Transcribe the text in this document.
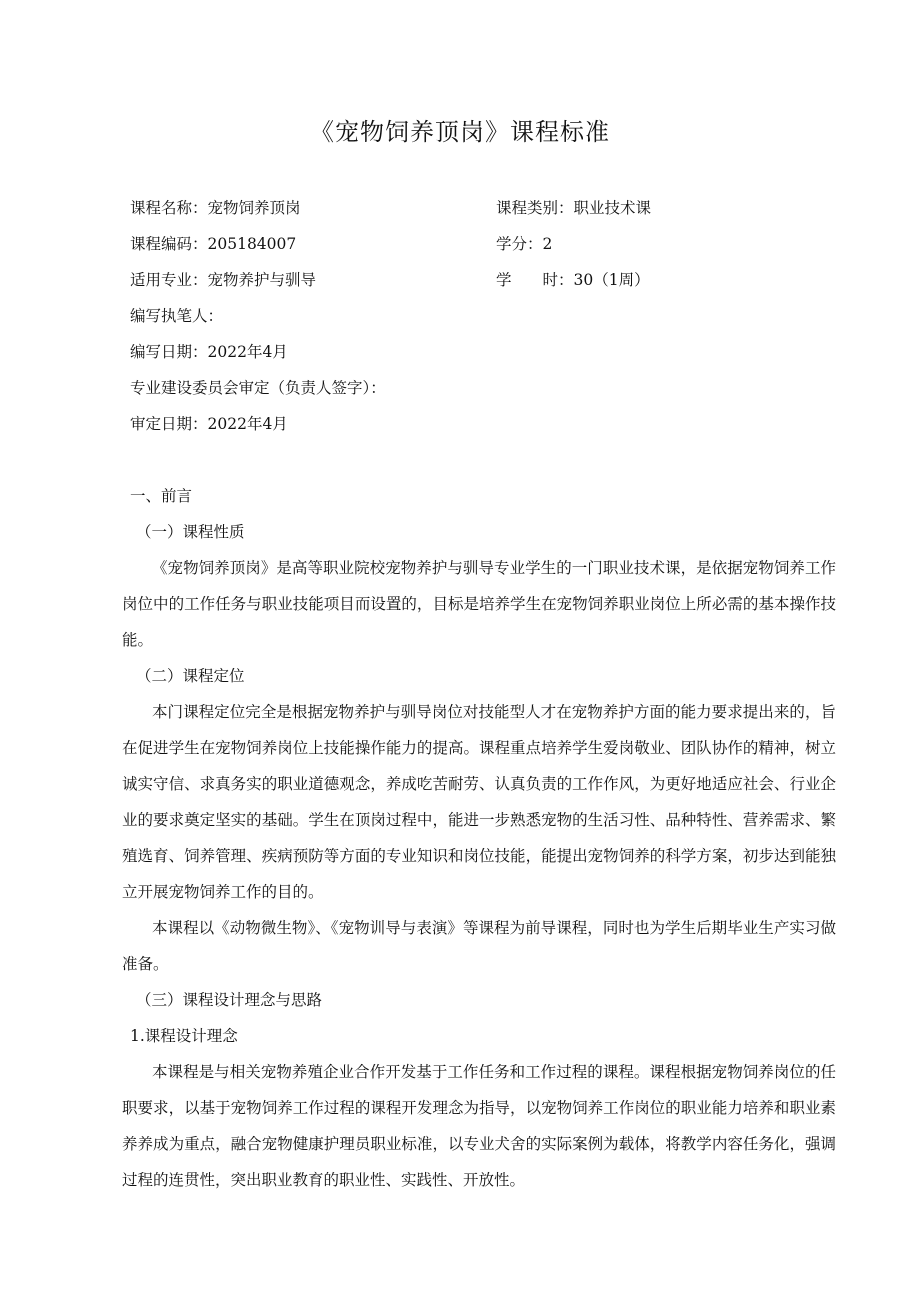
《宠物饲养顶岗》课程标准
课程名称：宠物饲养顶岗	课程类别：职业技术课
课程编码：205184007	学分：2
适用专业：宠物养护与驯导	学　　时：30（1周）
编写执笔人：
编写日期：2022年4月
专业建设委员会审定（负责人签字）：
审定日期：2022年4月
一、前言
（一）课程性质

《宠物饲养顶岗》是高等职业院校宠物养护与驯导专业学生的一门职业技术课，是依据宠物饲养工作岗位中的工作任务与职业技能项目而设置的，目标是培养学生在宠物饲养职业岗位上所必需的基本操作技能。

（二）课程定位

本门课程定位完全是根据宠物养护与驯导岗位对技能型人才在宠物养护方面的能力要求提出来的，旨在促进学生在宠物饲养岗位上技能操作能力的提高。课程重点培养学生爱岗敬业、团队协作的精神，树立诚实守信、求真务实的职业道德观念，养成吃苦耐劳、认真负责的工作作风，为更好地适应社会、行业企业的要求奠定坚实的基础。学生在顶岗过程中，能进一步熟悉宠物的生活习性、品种特性、营养需求、繁殖选育、饲养管理、疾病预防等方面的专业知识和岗位技能，能提出宠物饲养的科学方案，初步达到能独立开展宠物饲养工作的目的。

本课程以《动物微生物》、《宠物训导与表演》等课程为前导课程，同时也为学生后期毕业生产实习做准备。

（三）课程设计理念与思路
1.课程设计理念

本课程是与相关宠物养殖企业合作开发基于工作任务和工作过程的课程。课程根据宠物饲养岗位的任职要求，以基于宠物饲养工作过程的课程开发理念为指导，以宠物饲养工作岗位的职业能力培养和职业素养养成为重点，融合宠物健康护理员职业标准，以专业犬舍的实际案例为载体，将教学内容任务化，强调过程的连贯性，突出职业教育的职业性、实践性、开放性。
